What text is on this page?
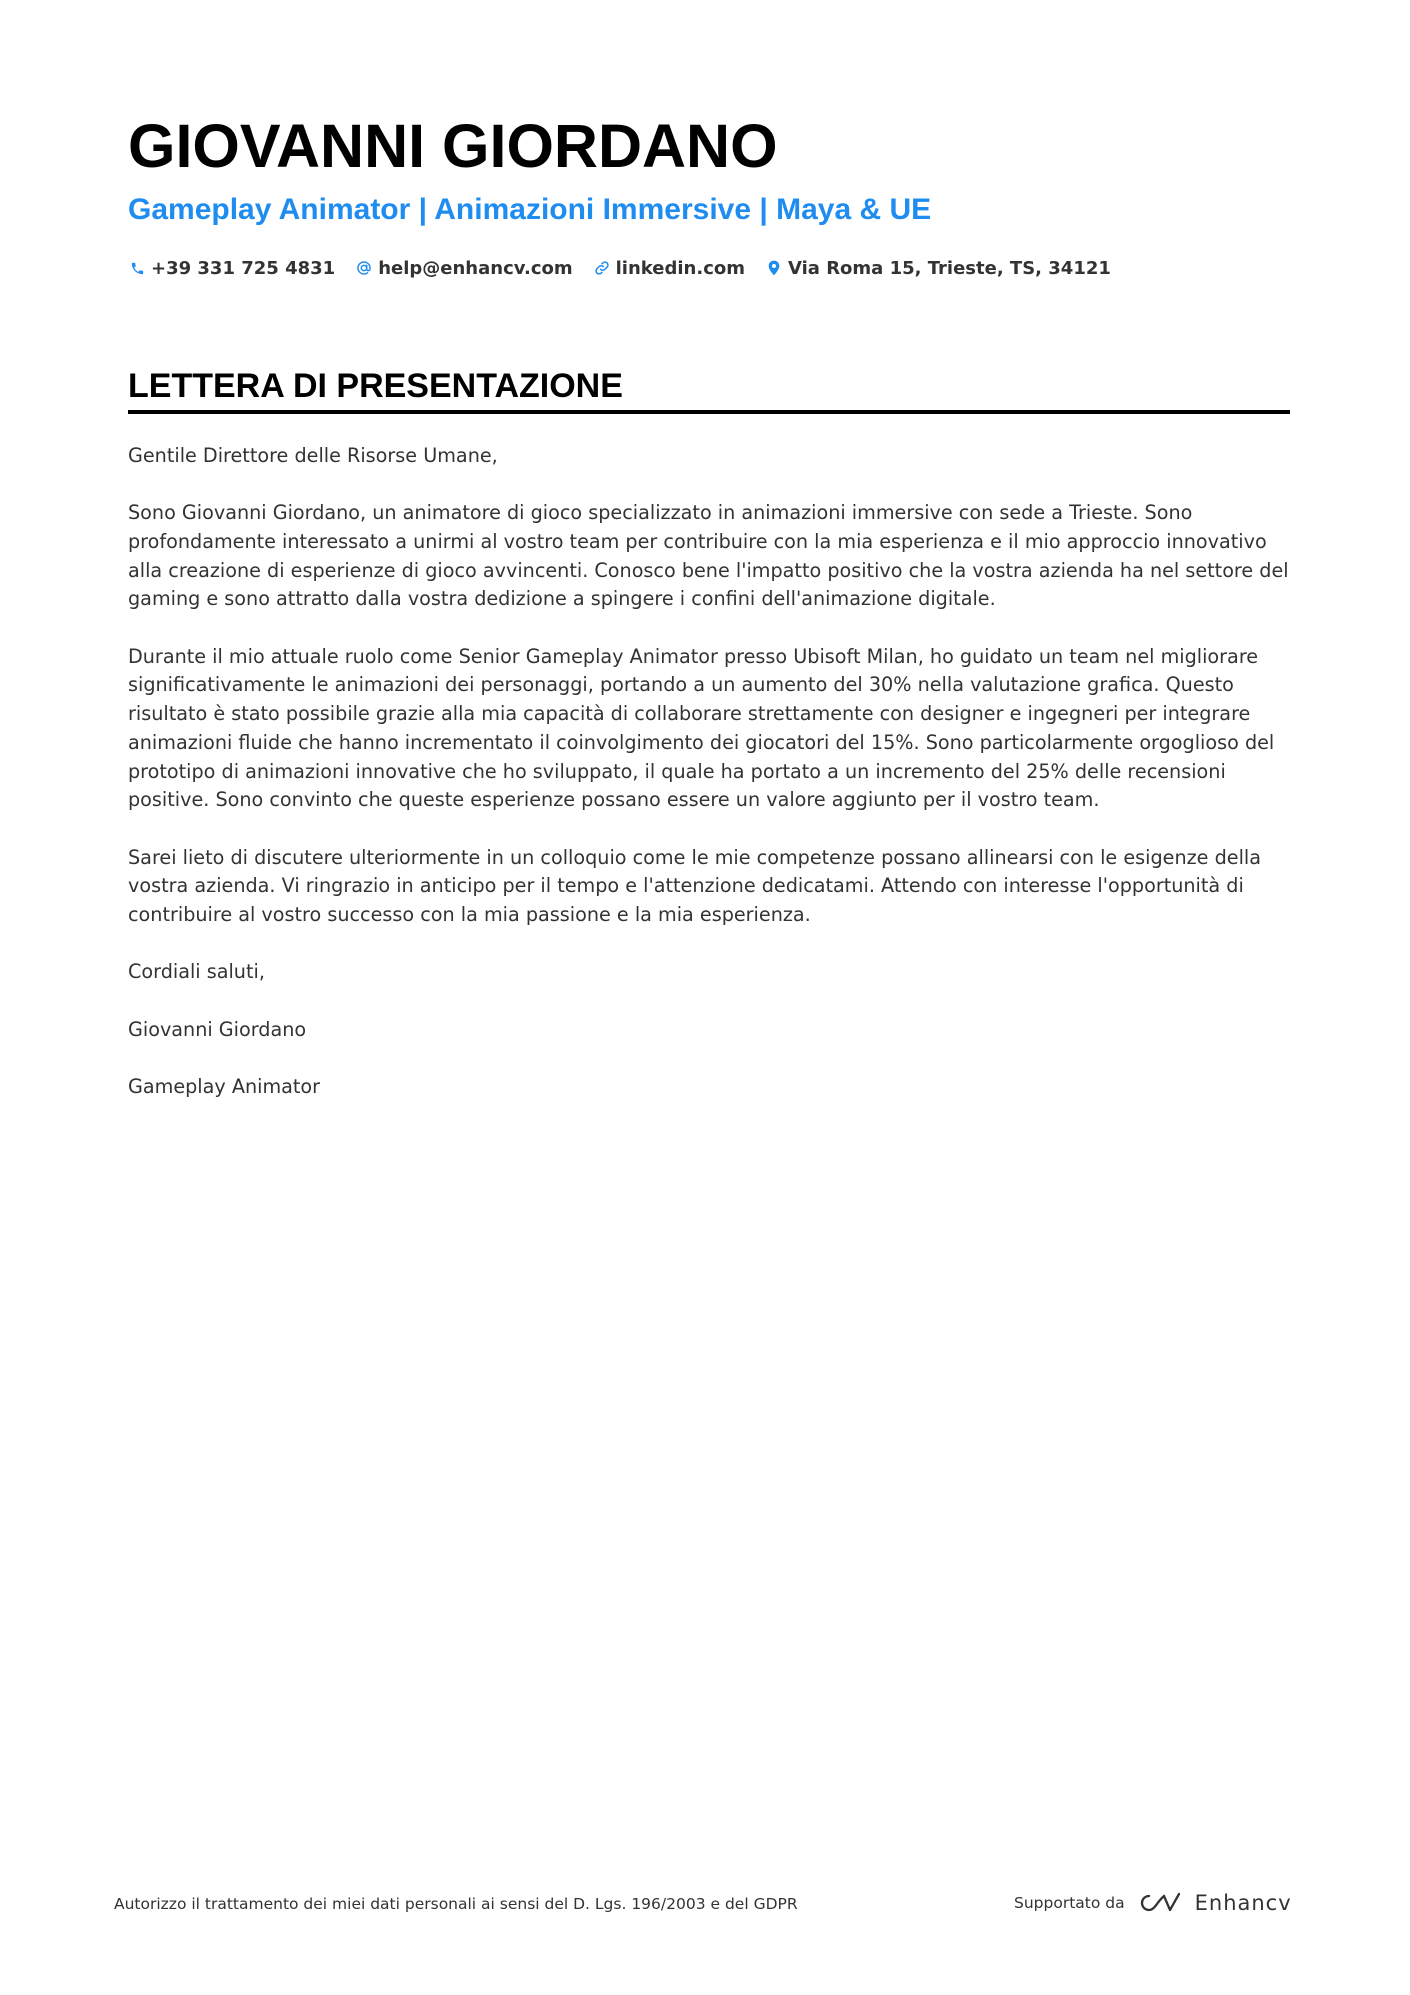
GIOVANNI GIORDANO
Gameplay Animator | Animazioni Immersive | Maya & UE
+39 331 725 4831 help@enhancv.com linkedin.com Via Roma 15, Trieste, TS, 34121
LETTERA DI PRESENTAZIONE

Gentile Direttore delle Risorse Umane,

Sono Giovanni Giordano, un animatore di gioco specializzato in animazioni immersive con sede a Trieste. Sono profondamente interessato a unirmi al vostro team per contribuire con la mia esperienza e il mio approccio innovativo alla creazione di esperienze di gioco avvincenti. Conosco bene l'impatto positivo che la vostra azienda ha nel settore del gaming e sono attratto dalla vostra dedizione a spingere i confini dell'animazione digitale.

Durante il mio attuale ruolo come Senior Gameplay Animator presso Ubisoft Milan, ho guidato un team nel migliorare significativamente le animazioni dei personaggi, portando a un aumento del 30% nella valutazione grafica. Questo risultato è stato possibile grazie alla mia capacità di collaborare strettamente con designer e ingegneri per integrare animazioni fluide che hanno incrementato il coinvolgimento dei giocatori del 15%. Sono particolarmente orgoglioso del prototipo di animazioni innovative che ho sviluppato, il quale ha portato a un incremento del 25% delle recensioni positive. Sono convinto che queste esperienze possano essere un valore aggiunto per il vostro team.

Sarei lieto di discutere ulteriormente in un colloquio come le mie competenze possano allinearsi con le esigenze della vostra azienda. Vi ringrazio in anticipo per il tempo e l'attenzione dedicatami. Attendo con interesse l'opportunità di contribuire al vostro successo con la mia passione e la mia esperienza.

Cordiali saluti,

Giovanni Giordano

Gameplay Animator

Autorizzo il trattamento dei miei dati personali ai sensi del D. Lgs. 196/2003 e del GDPR	Supportato da	Enhancv
